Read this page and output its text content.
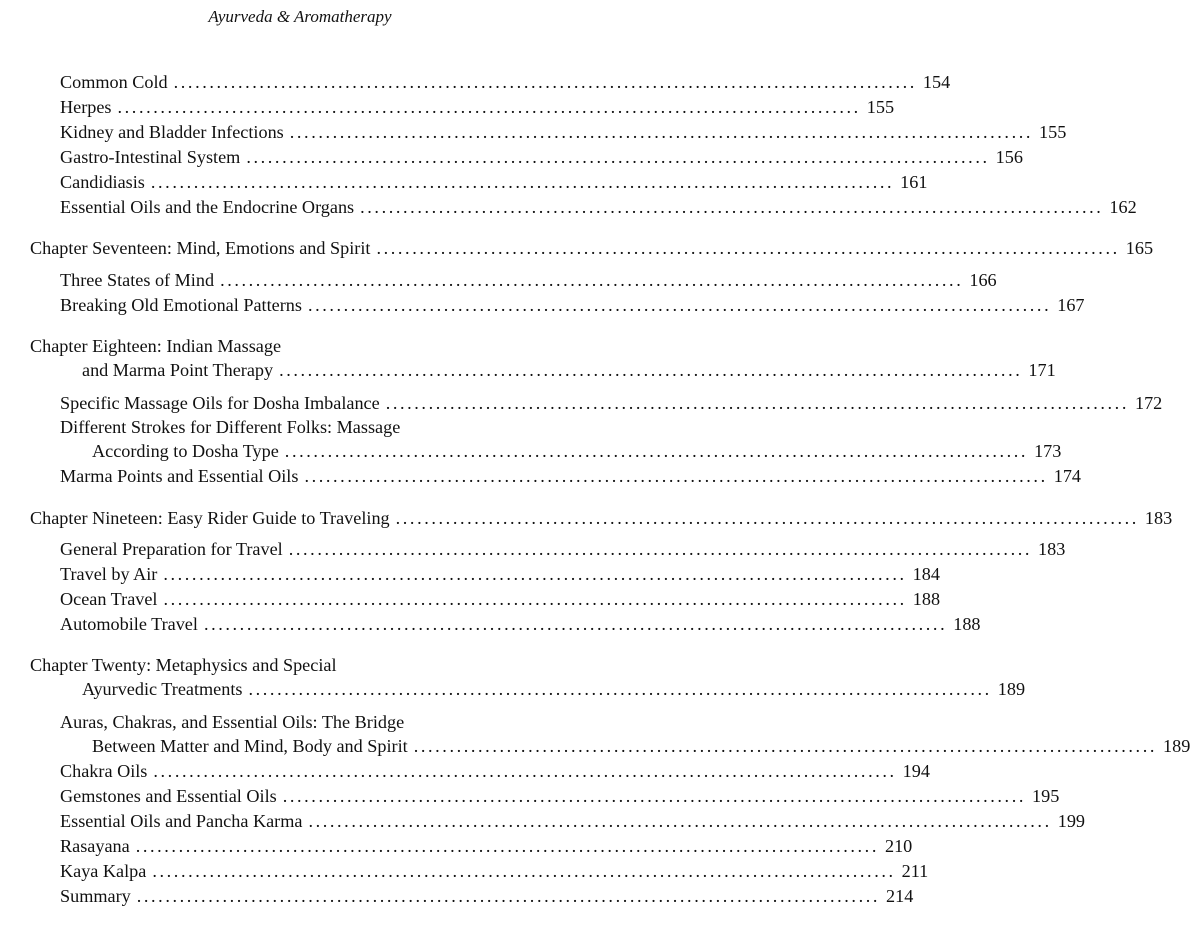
Ayurveda & Aromatherapy
Common Cold ........................................................................................................ 154
Herpes ........................................................................................................ 155
Kidney and Bladder Infections ........................................................................................................ 155
Gastro-Intestinal System ........................................................................................................ 156
Candidiasis ........................................................................................................ 161
Essential Oils and the Endocrine Organs ........................................................................................................ 162
Chapter Seventeen: Mind, Emotions and Spirit ........................................................................................................ 165
Three States of Mind ........................................................................................................ 166
Breaking Old Emotional Patterns ........................................................................................................ 167
Chapter Eighteen: Indian Massage
and Marma Point Therapy ........................................................................................................ 171
Specific Massage Oils for Dosha Imbalance ........................................................................................................ 172
Different Strokes for Different Folks: Massage
According to Dosha Type ........................................................................................................ 173
Marma Points and Essential Oils ........................................................................................................ 174
Chapter Nineteen: Easy Rider Guide to Traveling ........................................................................................................ 183
General Preparation for Travel ........................................................................................................ 183
Travel by Air ........................................................................................................ 184
Ocean Travel ........................................................................................................ 188
Automobile Travel ........................................................................................................ 188
Chapter Twenty: Metaphysics and Special
Ayurvedic Treatments ........................................................................................................ 189
Auras, Chakras, and Essential Oils: The Bridge
Between Matter and Mind, Body and Spirit ........................................................................................................ 189
Chakra Oils ........................................................................................................ 194
Gemstones and Essential Oils ........................................................................................................ 195
Essential Oils and Pancha Karma ........................................................................................................ 199
Rasayana ........................................................................................................ 210
Kaya Kalpa ........................................................................................................ 211
Summary ........................................................................................................ 214
